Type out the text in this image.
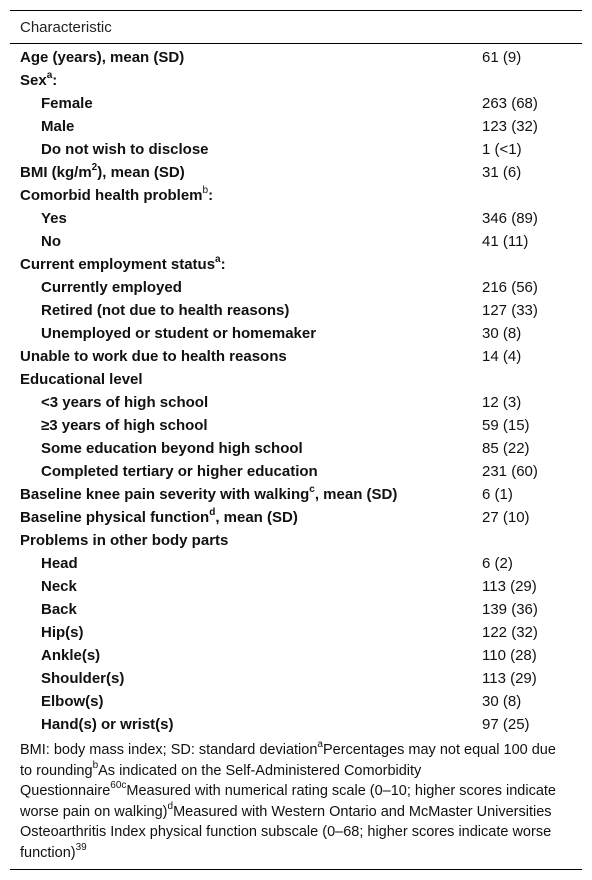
Characteristic
Age (years), mean (SD)	61 (9)
Sex$^a$:
Female	263 (68)
Male	123 (32)
Do not wish to disclose	1 (<1)
BMI $(kg/m^2)$, mean (SD)	31 (6)
Comorbid health problem$^b$:
Yes	346 (89)
No	41 (11)
Current employment status$^a$:
Currently employed	216 (56)
Retired (not due to health reasons)	127 (33)
Unemployed or student or homemaker	30 (8)
Unable to work due to health reasons	14 (4)
Educational level
<3 years of high school	12 (3)
≥3 years of high school	59 (15)
Some education beyond high school	85 (22)
Completed tertiary or higher education	231 (60)
Baseline knee pain severity with walking$^c$, mean (SD)	6 (1)
Baseline physical function$^d$, mean (SD)	27 (10)
Problems in other body parts
Head	6 (2)
Neck	113 (29)
Back	139 (36)
Hip(s)	122 (32)
Ankle(s)	110 (28)
Shoulder(s)	113 (29)
Elbow(s)	30 (8)
Hand(s) or wrist(s)	97 (25)
BMI: body mass index; SD: standard deviation$^a$Percentages may not equal 100 due to rounding$^b$As indicated on the Self-Administered Comorbidity Questionnaire$^{60c}$Measured with numerical rating scale (0–10; higher scores indicate worse pain on walking)$^d$Measured with Western Ontario and McMaster Universities Osteoarthritis Index physical function subscale (0–68; higher scores indicate worse function)$^{39}$
